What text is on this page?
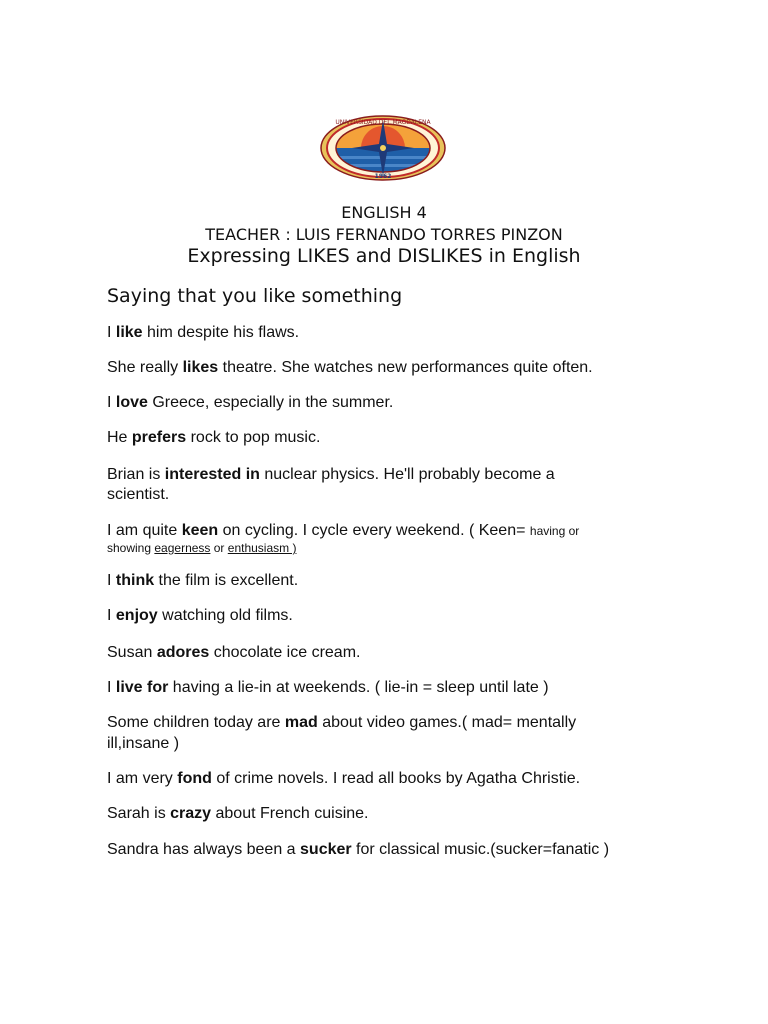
UNIVERSIDAD DEL MAGDALENA
1962
ENGLISH 4
TEACHER : LUIS FERNANDO TORRES PINZON
Expressing LIKES and DISLIKES in English
Saying that you like something
I like him despite his flaws.
She really likes theatre. She watches new performances quite often.
I love Greece, especially in the summer.
He prefers rock to pop music.
Brian is interested in nuclear physics. He'll probably become a
scientist.
I am quite keen on cycling. I cycle every weekend. ( Keen= having or
showing eagerness or enthusiasm )
I think the film is excellent.
I enjoy watching old films.
Susan adores chocolate ice cream.
I live for having a lie-in at weekends. ( lie-in = sleep until late )
Some children today are mad about video games.( mad= mentally
ill,insane )
I am very fond of crime novels. I read all books by Agatha Christie.
Sarah is crazy about French cuisine.
Sandra has always been a sucker for classical music.(sucker=fanatic )
